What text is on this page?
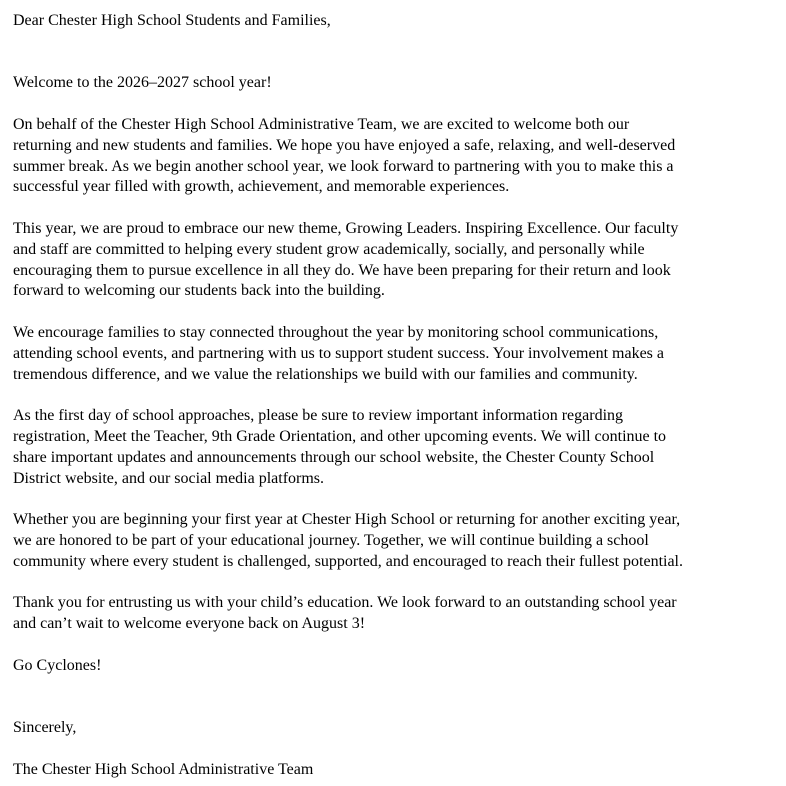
Dear Chester High School Students and Families,

Welcome to the 2026–2027 school year!

On behalf of the Chester High School Administrative Team, we are excited to welcome both our
returning and new students and families. We hope you have enjoyed a safe, relaxing, and well-deserved
summer break. As we begin another school year, we look forward to partnering with you to make this a
successful year filled with growth, achievement, and memorable experiences.

This year, we are proud to embrace our new theme, Growing Leaders. Inspiring Excellence. Our faculty
and staff are committed to helping every student grow academically, socially, and personally while
encouraging them to pursue excellence in all they do. We have been preparing for their return and look
forward to welcoming our students back into the building.

We encourage families to stay connected throughout the year by monitoring school communications,
attending school events, and partnering with us to support student success. Your involvement makes a
tremendous difference, and we value the relationships we build with our families and community.

As the first day of school approaches, please be sure to review important information regarding
registration, Meet the Teacher, 9th Grade Orientation, and other upcoming events. We will continue to
share important updates and announcements through our school website, the Chester County School
District website, and our social media platforms.

Whether you are beginning your first year at Chester High School or returning for another exciting year,
we are honored to be part of your educational journey. Together, we will continue building a school
community where every student is challenged, supported, and encouraged to reach their fullest potential.

Thank you for entrusting us with your child’s education. We look forward to an outstanding school year
and can’t wait to welcome everyone back on August 3!

Go Cyclones!

Sincerely,

The Chester High School Administrative Team
